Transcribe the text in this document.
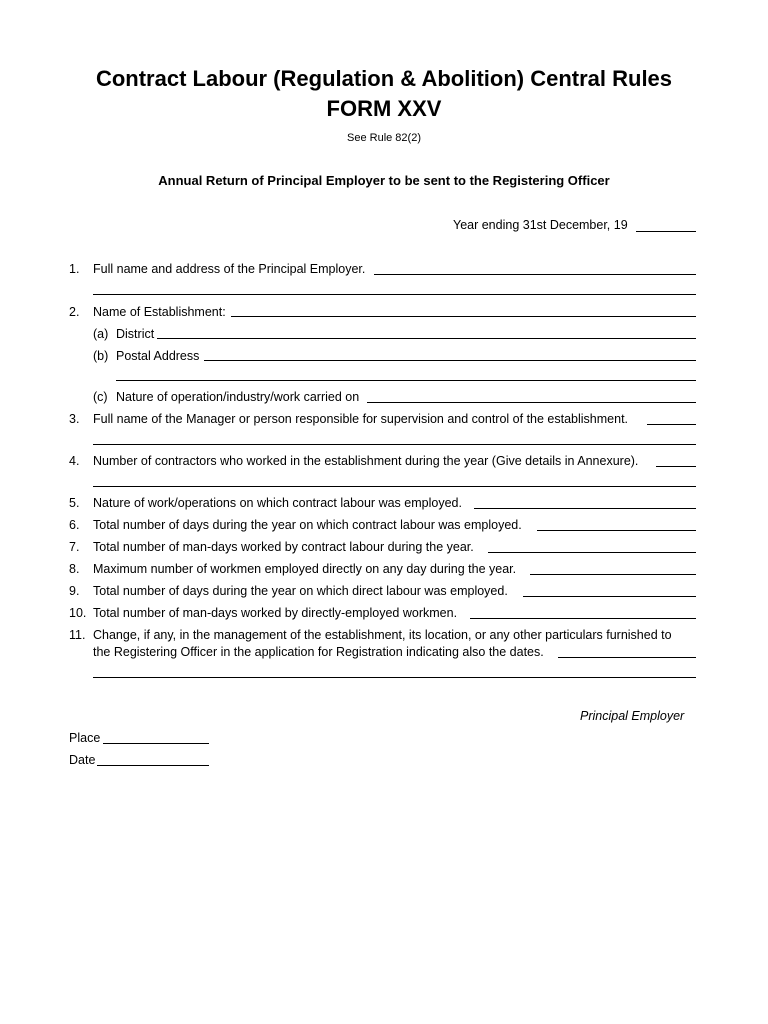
Contract Labour (Regulation & Abolition) Central Rules
FORM XXV
See Rule 82(2)
Annual Return of Principal Employer to be sent to the Registering Officer
Year ending 31st December, 19
1. Full name and address of the Principal Employer.
2. Name of Establishment:
(a) District
(b) Postal Address
(c) Nature of operation/industry/work carried on
3. Full name of the Manager or person responsible for supervision and control of the establishment.
4. Number of contractors who worked in the establishment during the year (Give details in Annexure).
5. Nature of work/operations on which contract labour was employed.
6. Total number of days during the year on which contract labour was employed.
7. Total number of man-days worked by contract labour during the year.
8. Maximum number of workmen employed directly on any day during the year.
9. Total number of days during the year on which direct labour was employed.
10. Total number of man-days worked by directly-employed workmen.
11. Change, if any, in the management of the establishment, its location, or any other particulars furnished to
the Registering Officer in the application for Registration indicating also the dates.
Principal Employer
Place
Date
